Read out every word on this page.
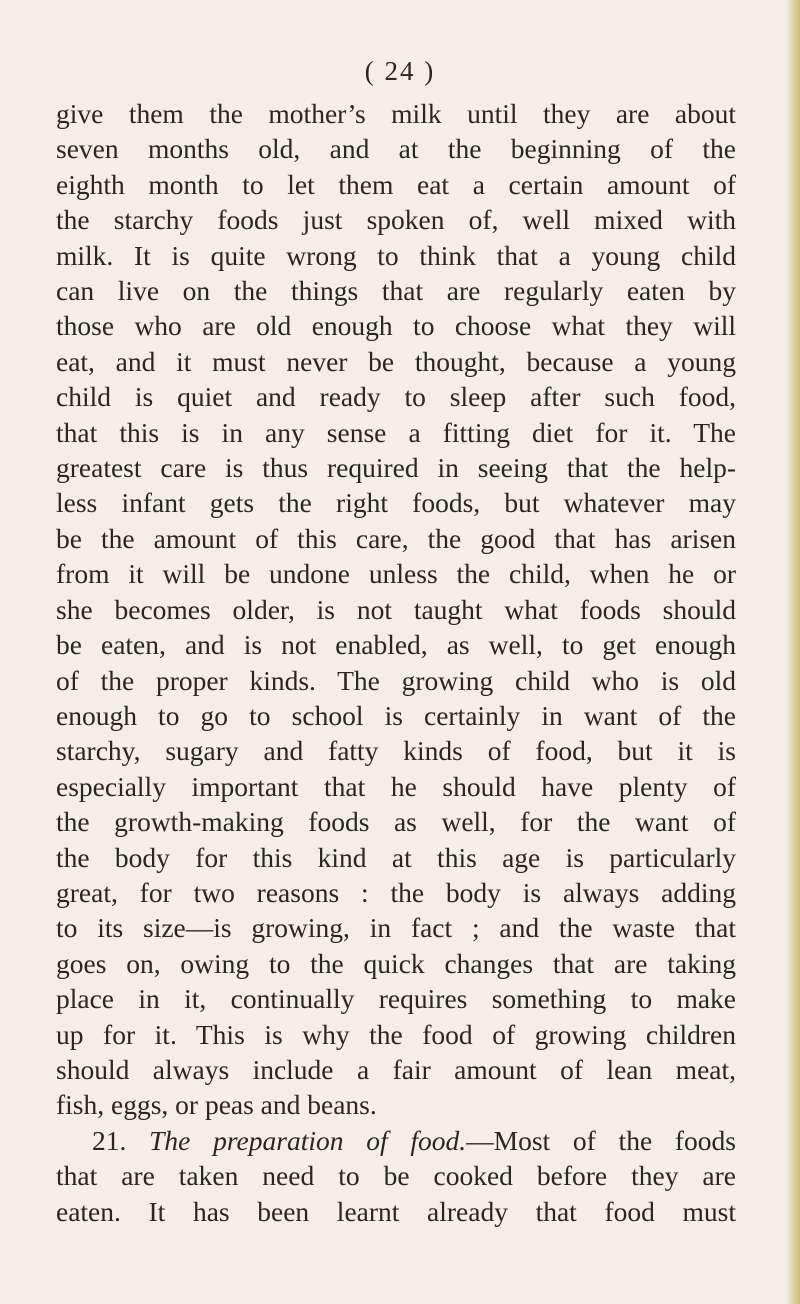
( 24 )
give them the mother’s milk until they are about
seven months old, and at the beginning of the
eighth month to let them eat a certain amount of
the starchy foods just spoken of, well mixed with
milk. It is quite wrong to think that a young child
can live on the things that are regularly eaten by
those who are old enough to choose what they will
eat, and it must never be thought, because a young
child is quiet and ready to sleep after such food,
that this is in any sense a fitting diet for it. The
greatest care is thus required in seeing that the help-
less infant gets the right foods, but whatever may
be the amount of this care, the good that has arisen
from it will be undone unless the child, when he or
she becomes older, is not taught what foods should
be eaten, and is not enabled, as well, to get enough
of the proper kinds. The growing child who is old
enough to go to school is certainly in want of the
starchy, sugary and fatty kinds of food, but it is
especially important that he should have plenty of
the growth-making foods as well, for the want of
the body for this kind at this age is particularly
great, for two reasons : the body is always adding
to its size—is growing, in fact ; and the waste that
goes on, owing to the quick changes that are taking
place in it, continually requires something to make
up for it. This is why the food of growing children
should always include a fair amount of lean meat,
fish, eggs, or peas and beans.
21. The preparation of food.—Most of the foods
that are taken need to be cooked before they are
eaten. It has been learnt already that food must
